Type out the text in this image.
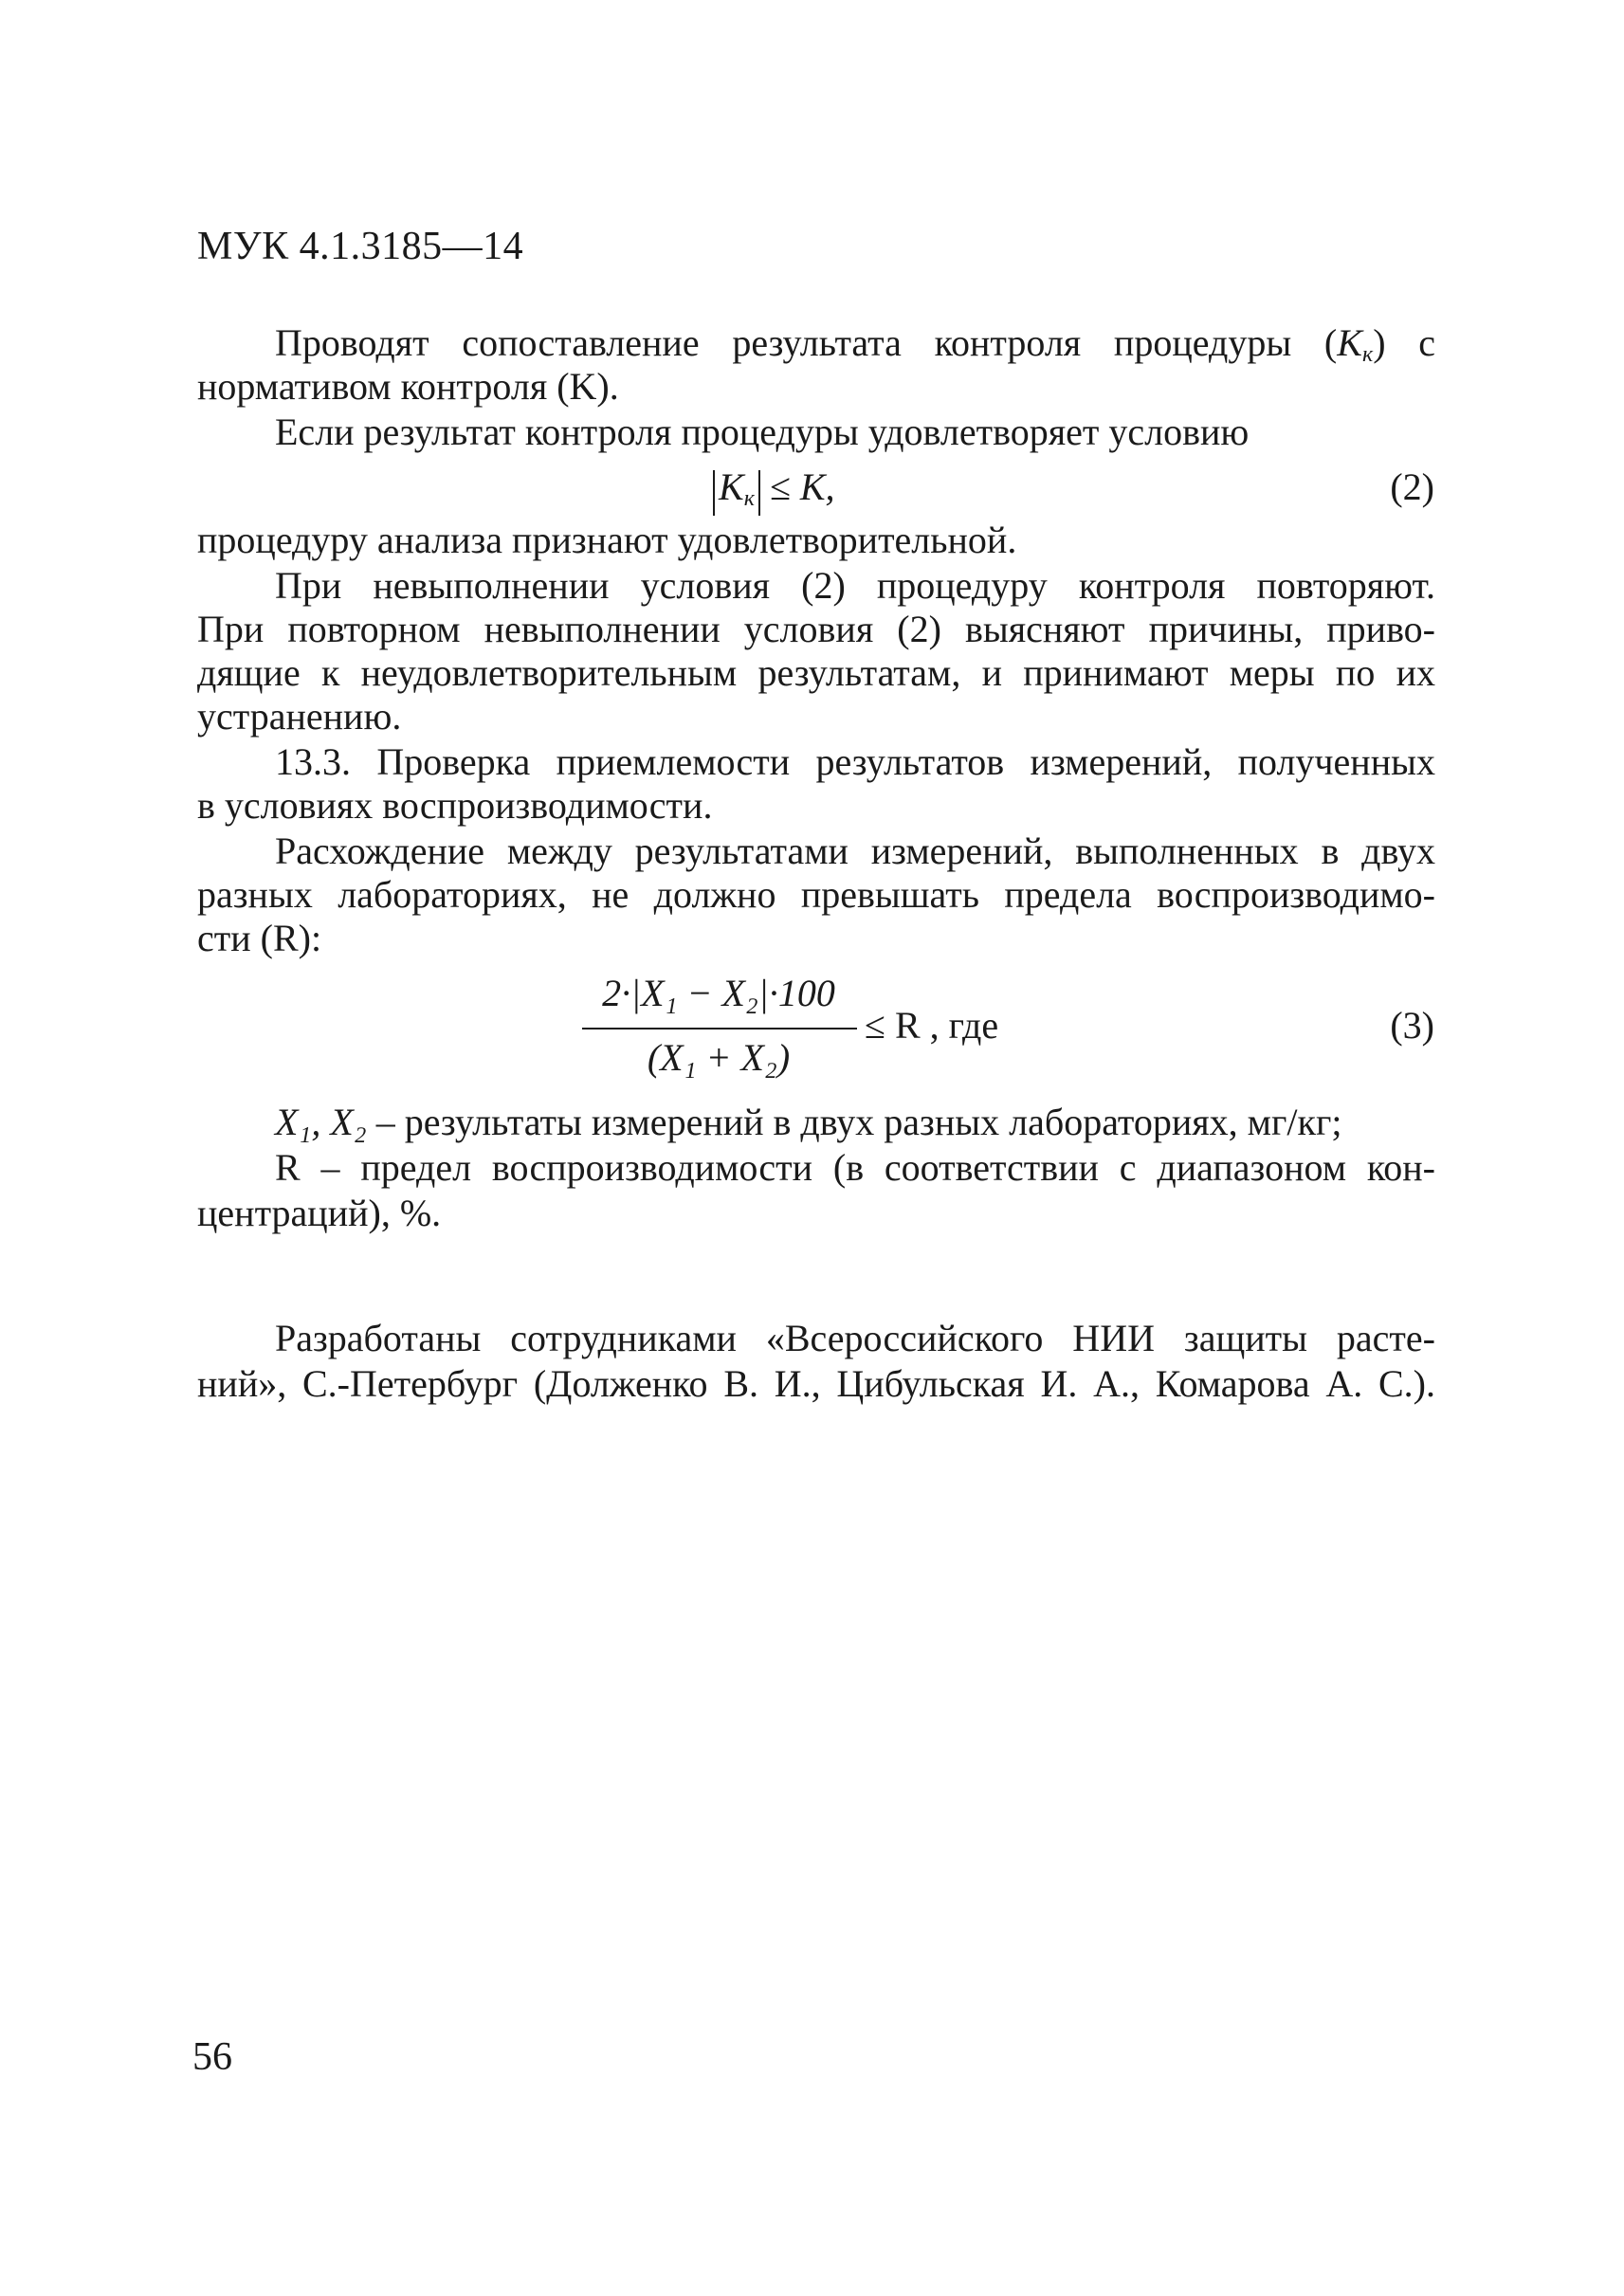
МУК 4.1.3185—14
Проводят сопоставление результата контроля процедуры $(K_к)$ с
нормативом контроля (K).
Если результат контроля процедуры удовлетворяет условию
$K_к \le K$,	(2)
процедуру анализа признают удовлетворительной.
При невыполнении условия (2) процедуру контроля повторяют.
При повторном невыполнении условия (2) выясняют причины, приво-
дящие к неудовлетворительным результатам, и принимают меры по их
устранению.
13.3. Проверка приемлемости результатов измерений, полученных
в условиях воспроизводимости.
Расхождение между результатами измерений, выполненных в двух
разных лабораториях, не должно превышать предела воспроизводимо-
сти (R):
2·|X₁ − X₂|·100
(X₁ + X₂)
≤ R , где	(3)
X₁, X₂ – результаты измерений в двух разных лабораториях, мг/кг;
R – предел воспроизводимости (в соответствии с диапазоном кон-
центраций), %.
Разработаны сотрудниками «Всероссийского НИИ защиты расте-
ний», С.-Петербург (Долженко В. И., Цибульская И. А., Комарова А. С.).
56
